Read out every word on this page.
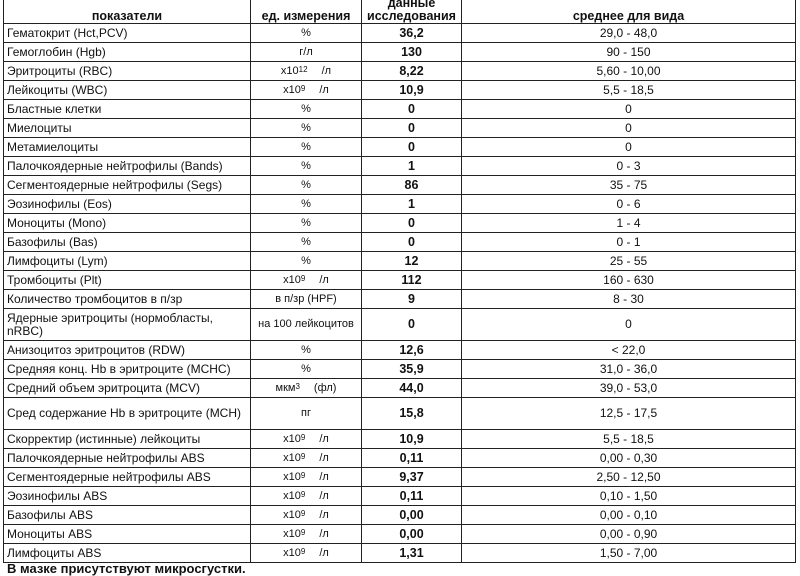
показатели	ед. измерения	данные исследования	среднее для вида
Гематокрит (Hct,PCV)	%	36,2	29,0 - 48,0
Гемоглобин (Hgb)	г/л	130	90 - 150
Эритроциты (RBC)	$x10^{12}$ /л	8,22	5,60 - 10,00
Лейкоциты (WBC)	$x10^9$ /л	10,9	5,5 - 18,5
Бластные клетки	%	0	0
Миелоциты	%	0	0
Метамиелоциты	%	0	0
Палочкоядерные нейтрофилы (Bands)	%	1	0 - 3
Сегментоядерные нейтрофилы (Segs)	%	86	35 - 75
Эозинофилы (Eos)	%	1	0 - 6
Моноциты (Mono)	%	0	1 - 4
Базофилы (Bas)	%	0	0 - 1
Лимфоциты (Lym)	%	12	25 - 55
Тромбоциты (Plt)	$x10^9$ /л	112	160 - 630
Количество тромбоцитов в п/зр	в п/зр (HPF)	9	8 - 30
Ядерные эритроциты (нормобласты, nRBC)	на 100 лейкоцитов	0	0
Анизоцитоз эритроцитов (RDW)	%	12,6	< 22,0
Средняя конц. Hb в эритроците (MCHC)	%	35,9	31,0 - 36,0
Средний объем эритроцита (MCV)	мкм$^3$ (фл)	44,0	39,0 - 53,0
Сред содержание Hb в эритроците (MCH)	пг	15,8	12,5 - 17,5
Скорректир (истинные) лейкоциты	$x10^9$ /л	10,9	5,5 - 18,5
Палочкоядерные нейтрофилы ABS	$x10^9$ /л	0,11	0,00 - 0,30
Сегментоядерные нейтрофилы ABS	$x10^9$ /л	9,37	2,50 - 12,50
Эозинофилы ABS	$x10^9$ /л	0,11	0,10 - 1,50
Базофилы ABS	$x10^9$ /л	0,00	0,00 - 0,10
Моноциты ABS	$x10^9$ /л	0,00	0,00 - 0,90
Лимфоциты ABS	$x10^9$ /л	1,31	1,50 - 7,00
В мазке присутствуют микросгустки.
